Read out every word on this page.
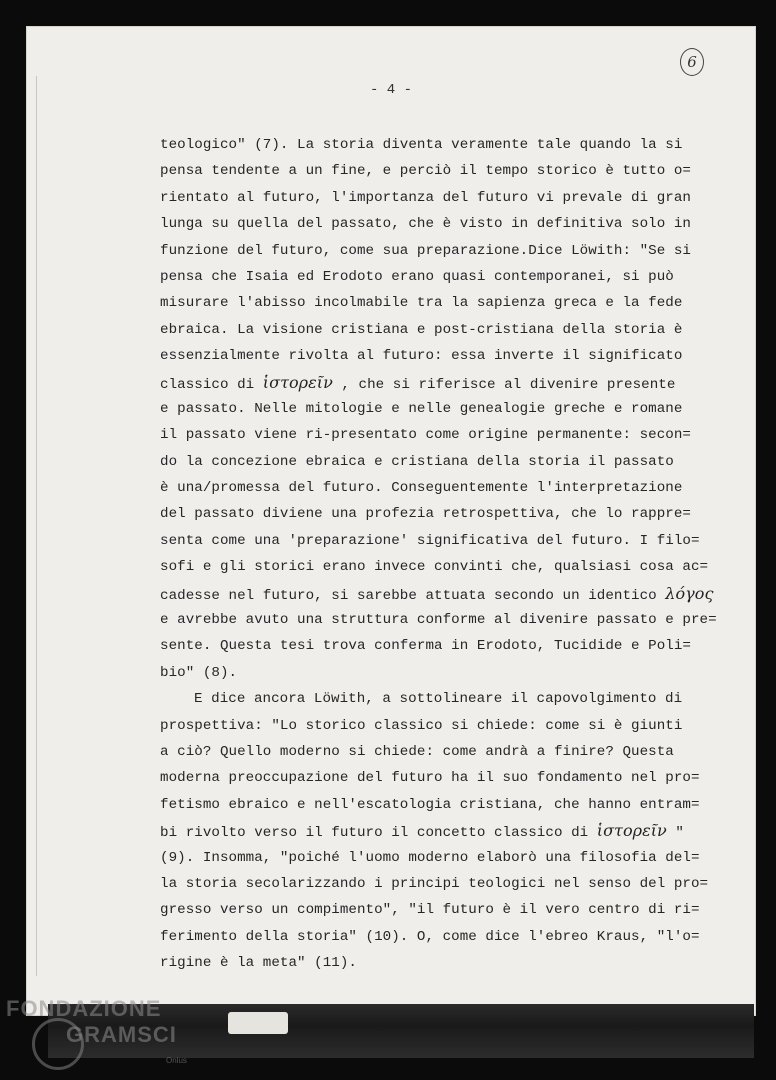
- 4 -
6
teologico" (7). La storia diventa veramente tale quando la si
pensa tendente a un fine, e perciò il tempo storico è tutto o=
rientato al futuro, l'importanza del futuro vi prevale di gran
lunga su quella del passato, che è visto in definitiva solo in
funzione del futuro, come sua preparazione.Dice Löwith: "Se si
pensa che Isaia ed Erodoto erano quasi contemporanei, si può
misurare l'abisso incolmabile tra la sapienza greca e la fede
ebraica. La visione cristiana e post-cristiana della storia è
essenzialmente rivolta al futuro: essa inverte il significato
classico di ἱστορεῖν , che si riferisce al divenire presente
e passato. Nelle mitologie e nelle genealogie greche e romane
il passato viene ri-presentato come origine permanente: secon=
do la concezione ebraica e cristiana della storia il passato
è una/promessa del futuro. Conseguentemente l'interpretazione
del passato diviene una profezia retrospettiva, che lo rappre=
senta come una 'preparazione' significativa del futuro. I filo=
sofi e gli storici erano invece convinti che, qualsiasi cosa ac=
cadesse nel futuro, si sarebbe attuata secondo un identico λόγος
e avrebbe avuto una struttura conforme al divenire passato e pre=
sente. Questa tesi trova conferma in Erodoto, Tucidide e Poli=
bio" (8).
E dice ancora Löwith, a sottolineare il capovolgimento di
prospettiva: "Lo storico classico si chiede: come si è giunti
a ciò? Quello moderno si chiede: come andrà a finire? Questa
moderna preoccupazione del futuro ha il suo fondamento nel pro=
fetismo ebraico e nell'escatologia cristiana, che hanno entram=
bi rivolto verso il futuro il concetto classico di ἱστορεῖν "
(9). Insomma, "poiché l'uomo moderno elaborò una filosofia del=
la storia secolarizzando i principi teologici nel senso del pro=
gresso verso un compimento", "il futuro è il vero centro di ri=
ferimento della storia" (10). O, come dice l'ebreo Kraus, "l'o=
rigine è la meta" (11).
FONDAZIONE
GRAMSCI
Onlus
